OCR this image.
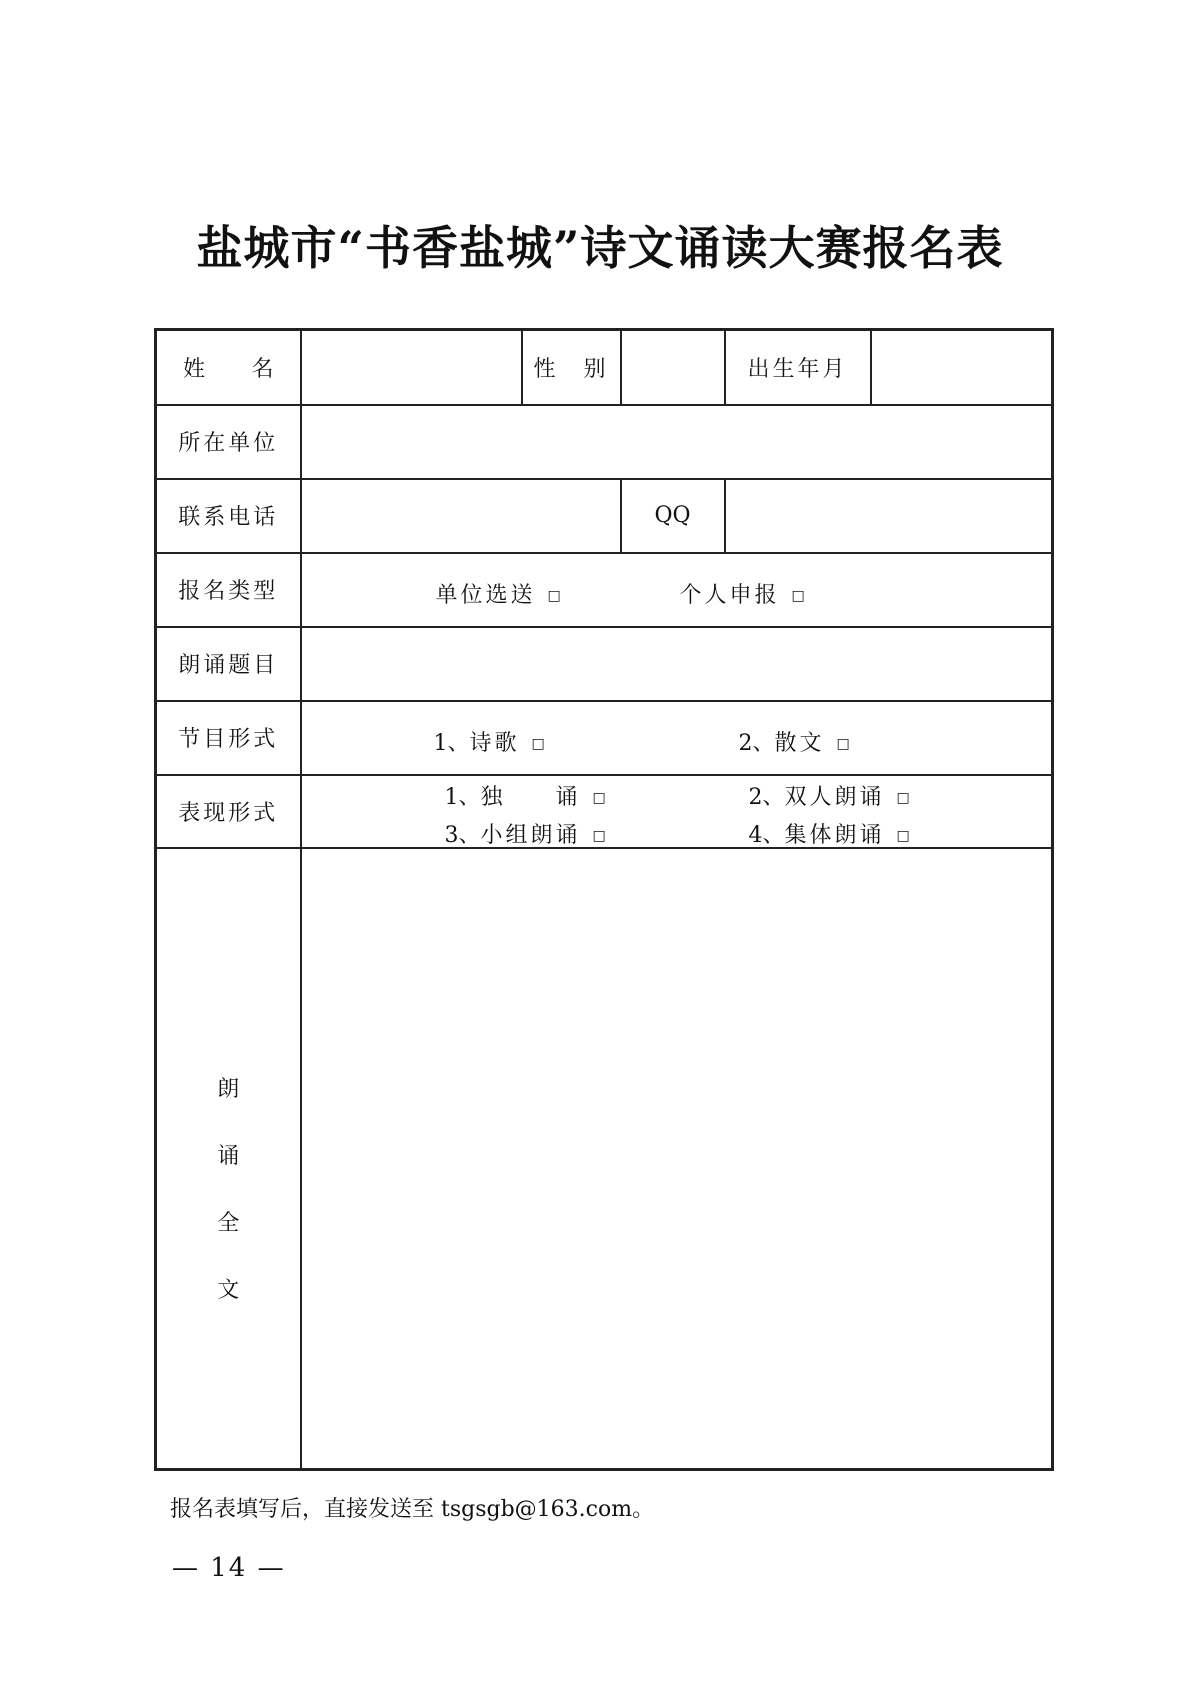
盐城市“书香盐城”诗文诵读大赛报名表
姓 名		性　别		出生年月	
所在单位					
联系电话			QQ		
报名类型	单位选送 □ 个人申报 □				

朗诵题目					
节目形式	1、诗歌 □ 2、散文 □				

表现形式	1、独　　诵 □ 2、双人朗诵 □
3、小组朗诵 □ 4、集体朗诵 □				

朗
诵
全
文					

报名表填写后，直接发送至 tsgsgb@163.com。
— 14 —
